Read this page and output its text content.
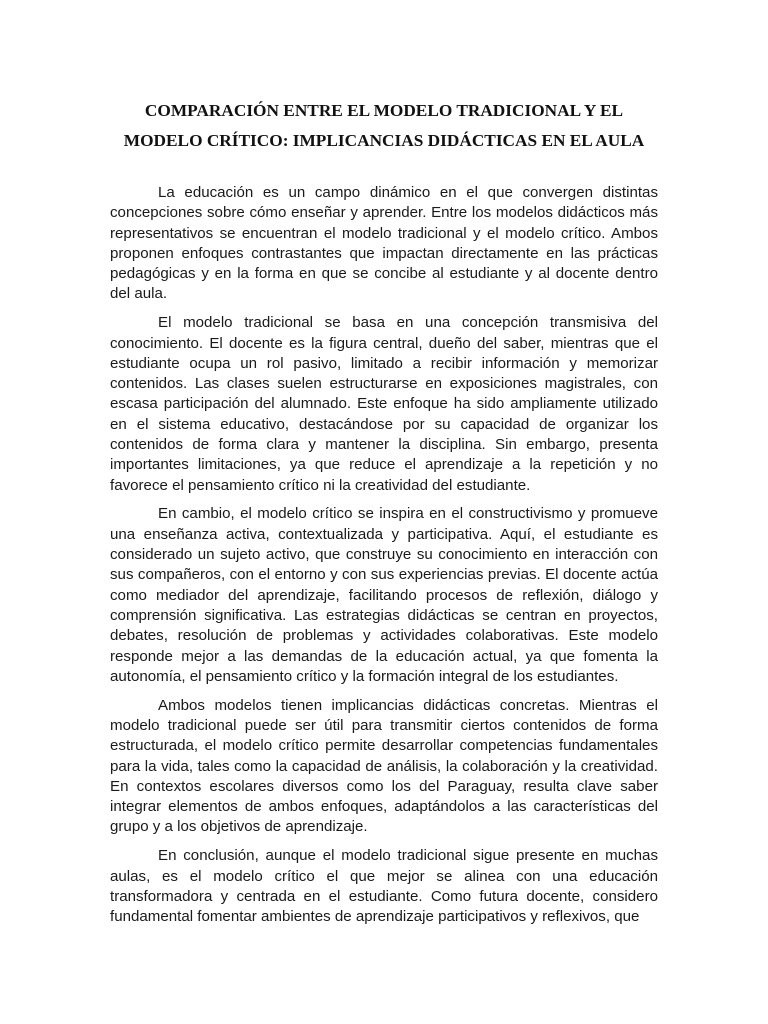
COMPARACIÓN ENTRE EL MODELO TRADICIONAL Y EL
MODELO CRÍTICO: IMPLICANCIAS DIDÁCTICAS EN EL AULA

La educación es un campo dinámico en el que convergen distintas concepciones sobre cómo enseñar y aprender. Entre los modelos didácticos más representativos se encuentran el modelo tradicional y el modelo crítico. Ambos proponen enfoques contrastantes que impactan directamente en las prácticas pedagógicas y en la forma en que se concibe al estudiante y al docente dentro del aula.

El modelo tradicional se basa en una concepción transmisiva del conocimiento. El docente es la figura central, dueño del saber, mientras que el estudiante ocupa un rol pasivo, limitado a recibir información y memorizar contenidos. Las clases suelen estructurarse en exposiciones magistrales, con escasa participación del alumnado. Este enfoque ha sido ampliamente utilizado en el sistema educativo, destacándose por su capacidad de organizar los contenidos de forma clara y mantener la disciplina. Sin embargo, presenta importantes limitaciones, ya que reduce el aprendizaje a la repetición y no favorece el pensamiento crítico ni la creatividad del estudiante.

En cambio, el modelo crítico se inspira en el constructivismo y promueve una enseñanza activa, contextualizada y participativa. Aquí, el estudiante es considerado un sujeto activo, que construye su conocimiento en interacción con sus compañeros, con el entorno y con sus experiencias previas. El docente actúa como mediador del aprendizaje, facilitando procesos de reflexión, diálogo y comprensión significativa. Las estrategias didácticas se centran en proyectos, debates, resolución de problemas y actividades colaborativas. Este modelo responde mejor a las demandas de la educación actual, ya que fomenta la autonomía, el pensamiento crítico y la formación integral de los estudiantes.

Ambos modelos tienen implicancias didácticas concretas. Mientras el modelo tradicional puede ser útil para transmitir ciertos contenidos de forma estructurada, el modelo crítico permite desarrollar competencias fundamentales para la vida, tales como la capacidad de análisis, la colaboración y la creatividad. En contextos escolares diversos como los del Paraguay, resulta clave saber integrar elementos de ambos enfoques, adaptándolos a las características del grupo y a los objetivos de aprendizaje.

En conclusión, aunque el modelo tradicional sigue presente en muchas aulas, es el modelo crítico el que mejor se alinea con una educación transformadora y centrada en el estudiante. Como futura docente, considero fundamental fomentar ambientes de aprendizaje participativos y reflexivos, que
